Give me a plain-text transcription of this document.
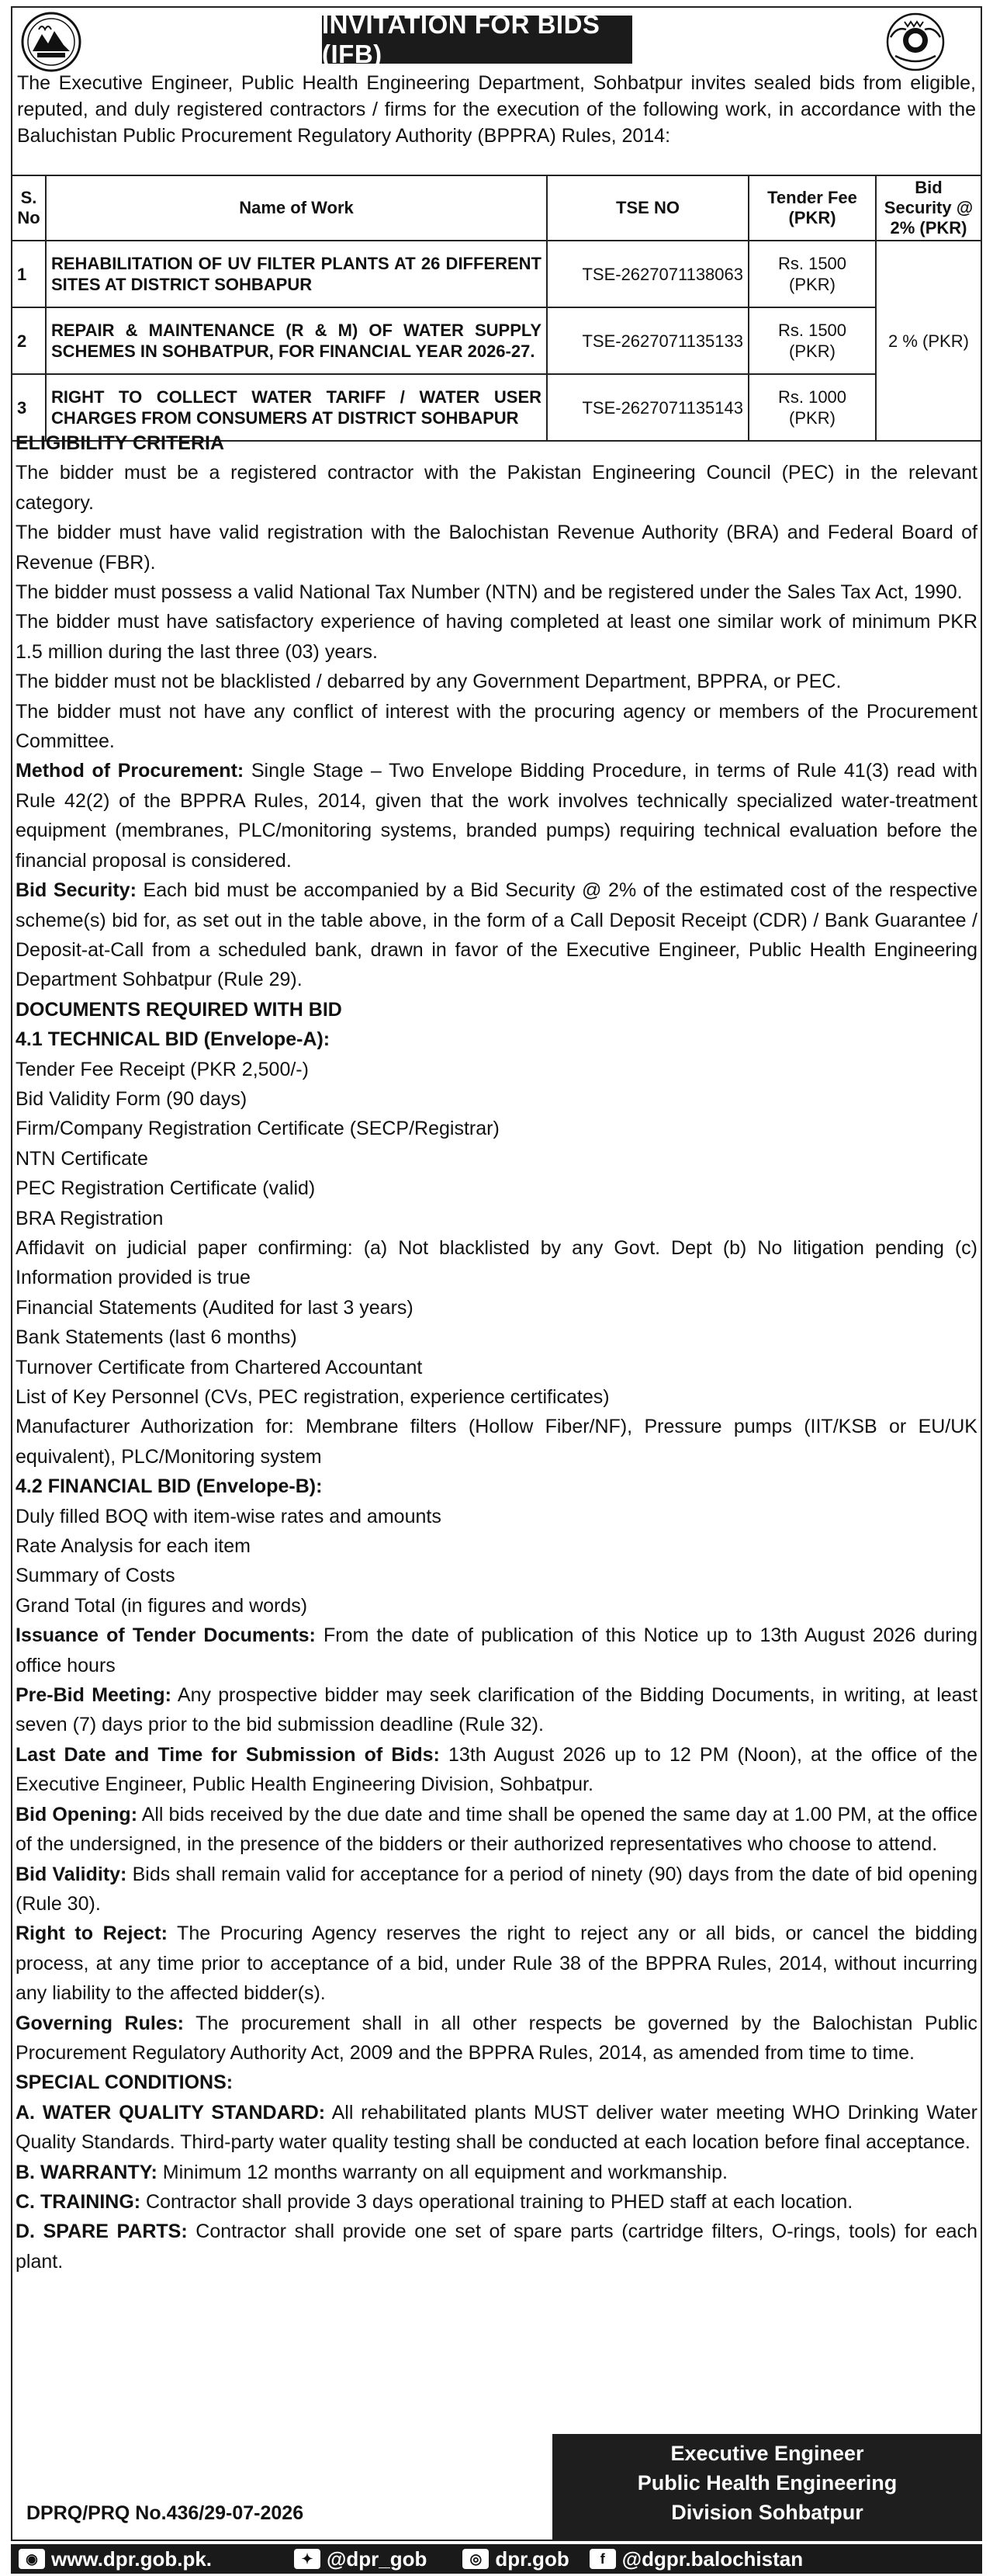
INVITATION FOR BIDS (IFB)

The Executive Engineer, Public Health Engineering Department, Sohbatpur invites sealed bids from eligible, reputed, and duly registered contractors / firms for the execution of the following work, in accordance with the Baluchistan Public Procurement Regulatory Authority (BPPRA) Rules, 2014:

S. No	Name of Work	TSE NO	Tender Fee (PKR)	Bid Security @ 2% (PKR)
1	REHABILITATION OF UV FILTER PLANTS AT 26 DIFFERENT SITES AT DISTRICT SOHBAPUR	TSE-2627071138063	Rs. 1500 (PKR)	2 % (PKR)
2	REPAIR & MAINTENANCE (R & M) OF WATER SUPPLY SCHEMES IN SOHBATPUR, FOR FINANCIAL YEAR 2026-27.	TSE-2627071135133	Rs. 1500 (PKR)	
3	RIGHT TO COLLECT WATER TARIFF / WATER USER CHARGES FROM CONSUMERS AT DISTRICT SOHBAPUR	TSE-2627071135143	Rs. 1000 (PKR)	

ELIGIBILITY CRITERIA

The bidder must be a registered contractor with the Pakistan Engineering Council (PEC) in the relevant category.

The bidder must have valid registration with the Balochistan Revenue Authority (BRA) and Federal Board of Revenue (FBR).

The bidder must possess a valid National Tax Number (NTN) and be registered under the Sales Tax Act, 1990.

The bidder must have satisfactory experience of having completed at least one similar work of minimum PKR 1.5 million during the last three (03) years.

The bidder must not be blacklisted / debarred by any Government Department, BPPRA, or PEC.

The bidder must not have any conflict of interest with the procuring agency or members of the Procurement Committee.

Method of Procurement: Single Stage – Two Envelope Bidding Procedure, in terms of Rule 41(3) read with Rule 42(2) of the BPPRA Rules, 2014, given that the work involves technically specialized water-treatment equipment (membranes, PLC/monitoring systems, branded pumps) requiring technical evaluation before the financial proposal is considered.

Bid Security: Each bid must be accompanied by a Bid Security @ 2% of the estimated cost of the respective scheme(s) bid for, as set out in the table above, in the form of a Call Deposit Receipt (CDR) / Bank Guarantee / Deposit-at-Call from a scheduled bank, drawn in favor of the Executive Engineer, Public Health Engineering Department Sohbatpur (Rule 29).

DOCUMENTS REQUIRED WITH BID

4.1 TECHNICAL BID (Envelope-A):

Tender Fee Receipt (PKR 2,500/-)

Bid Validity Form (90 days)

Firm/Company Registration Certificate (SECP/Registrar)

NTN Certificate

PEC Registration Certificate (valid)

BRA Registration

Affidavit on judicial paper confirming: (a) Not blacklisted by any Govt. Dept (b) No litigation pending (c) Information provided is true

Financial Statements (Audited for last 3 years)

Bank Statements (last 6 months)

Turnover Certificate from Chartered Accountant

List of Key Personnel (CVs, PEC registration, experience certificates)

Manufacturer Authorization for: Membrane filters (Hollow Fiber/NF), Pressure pumps (IIT/KSB or EU/UK equivalent), PLC/Monitoring system

4.2 FINANCIAL BID (Envelope-B):

Duly filled BOQ with item-wise rates and amounts

Rate Analysis for each item

Summary of Costs

Grand Total (in figures and words)

Issuance of Tender Documents: From the date of publication of this Notice up to 13th August 2026 during office hours

Pre-Bid Meeting: Any prospective bidder may seek clarification of the Bidding Documents, in writing, at least seven (7) days prior to the bid submission deadline (Rule 32).

Last Date and Time for Submission of Bids: 13th August 2026 up to 12 PM (Noon), at the office of the Executive Engineer, Public Health Engineering Division, Sohbatpur.

Bid Opening: All bids received by the due date and time shall be opened the same day at 1.00 PM, at the office of the undersigned, in the presence of the bidders or their authorized representatives who choose to attend.

Bid Validity: Bids shall remain valid for acceptance for a period of ninety (90) days from the date of bid opening (Rule 30).

Right to Reject: The Procuring Agency reserves the right to reject any or all bids, or cancel the bidding process, at any time prior to acceptance of a bid, under Rule 38 of the BPPRA Rules, 2014, without incurring any liability to the affected bidder(s).

Governing Rules: The procurement shall in all other respects be governed by the Balochistan Public Procurement Regulatory Authority Act, 2009 and the BPPRA Rules, 2014, as amended from time to time.

SPECIAL CONDITIONS:

A. WATER QUALITY STANDARD: All rehabilitated plants MUST deliver water meeting WHO Drinking Water Quality Standards. Third-party water quality testing shall be conducted at each location before final acceptance.

B. WARRANTY: Minimum 12 months warranty on all equipment and workmanship.

C. TRAINING: Contractor shall provide 3 days operational training to PHED staff at each location.

D. SPARE PARTS: Contractor shall provide one set of spare parts (cartridge filters, O-rings, tools) for each plant.

Executive Engineer
Public Health Engineering
Division Sohbatpur
DPRQ/PRQ No.436/29-07-2026
◉ www.dpr.gob.pk.	✦ @dpr_gob	◎ dpr.gob	f @dgpr.balochistan
